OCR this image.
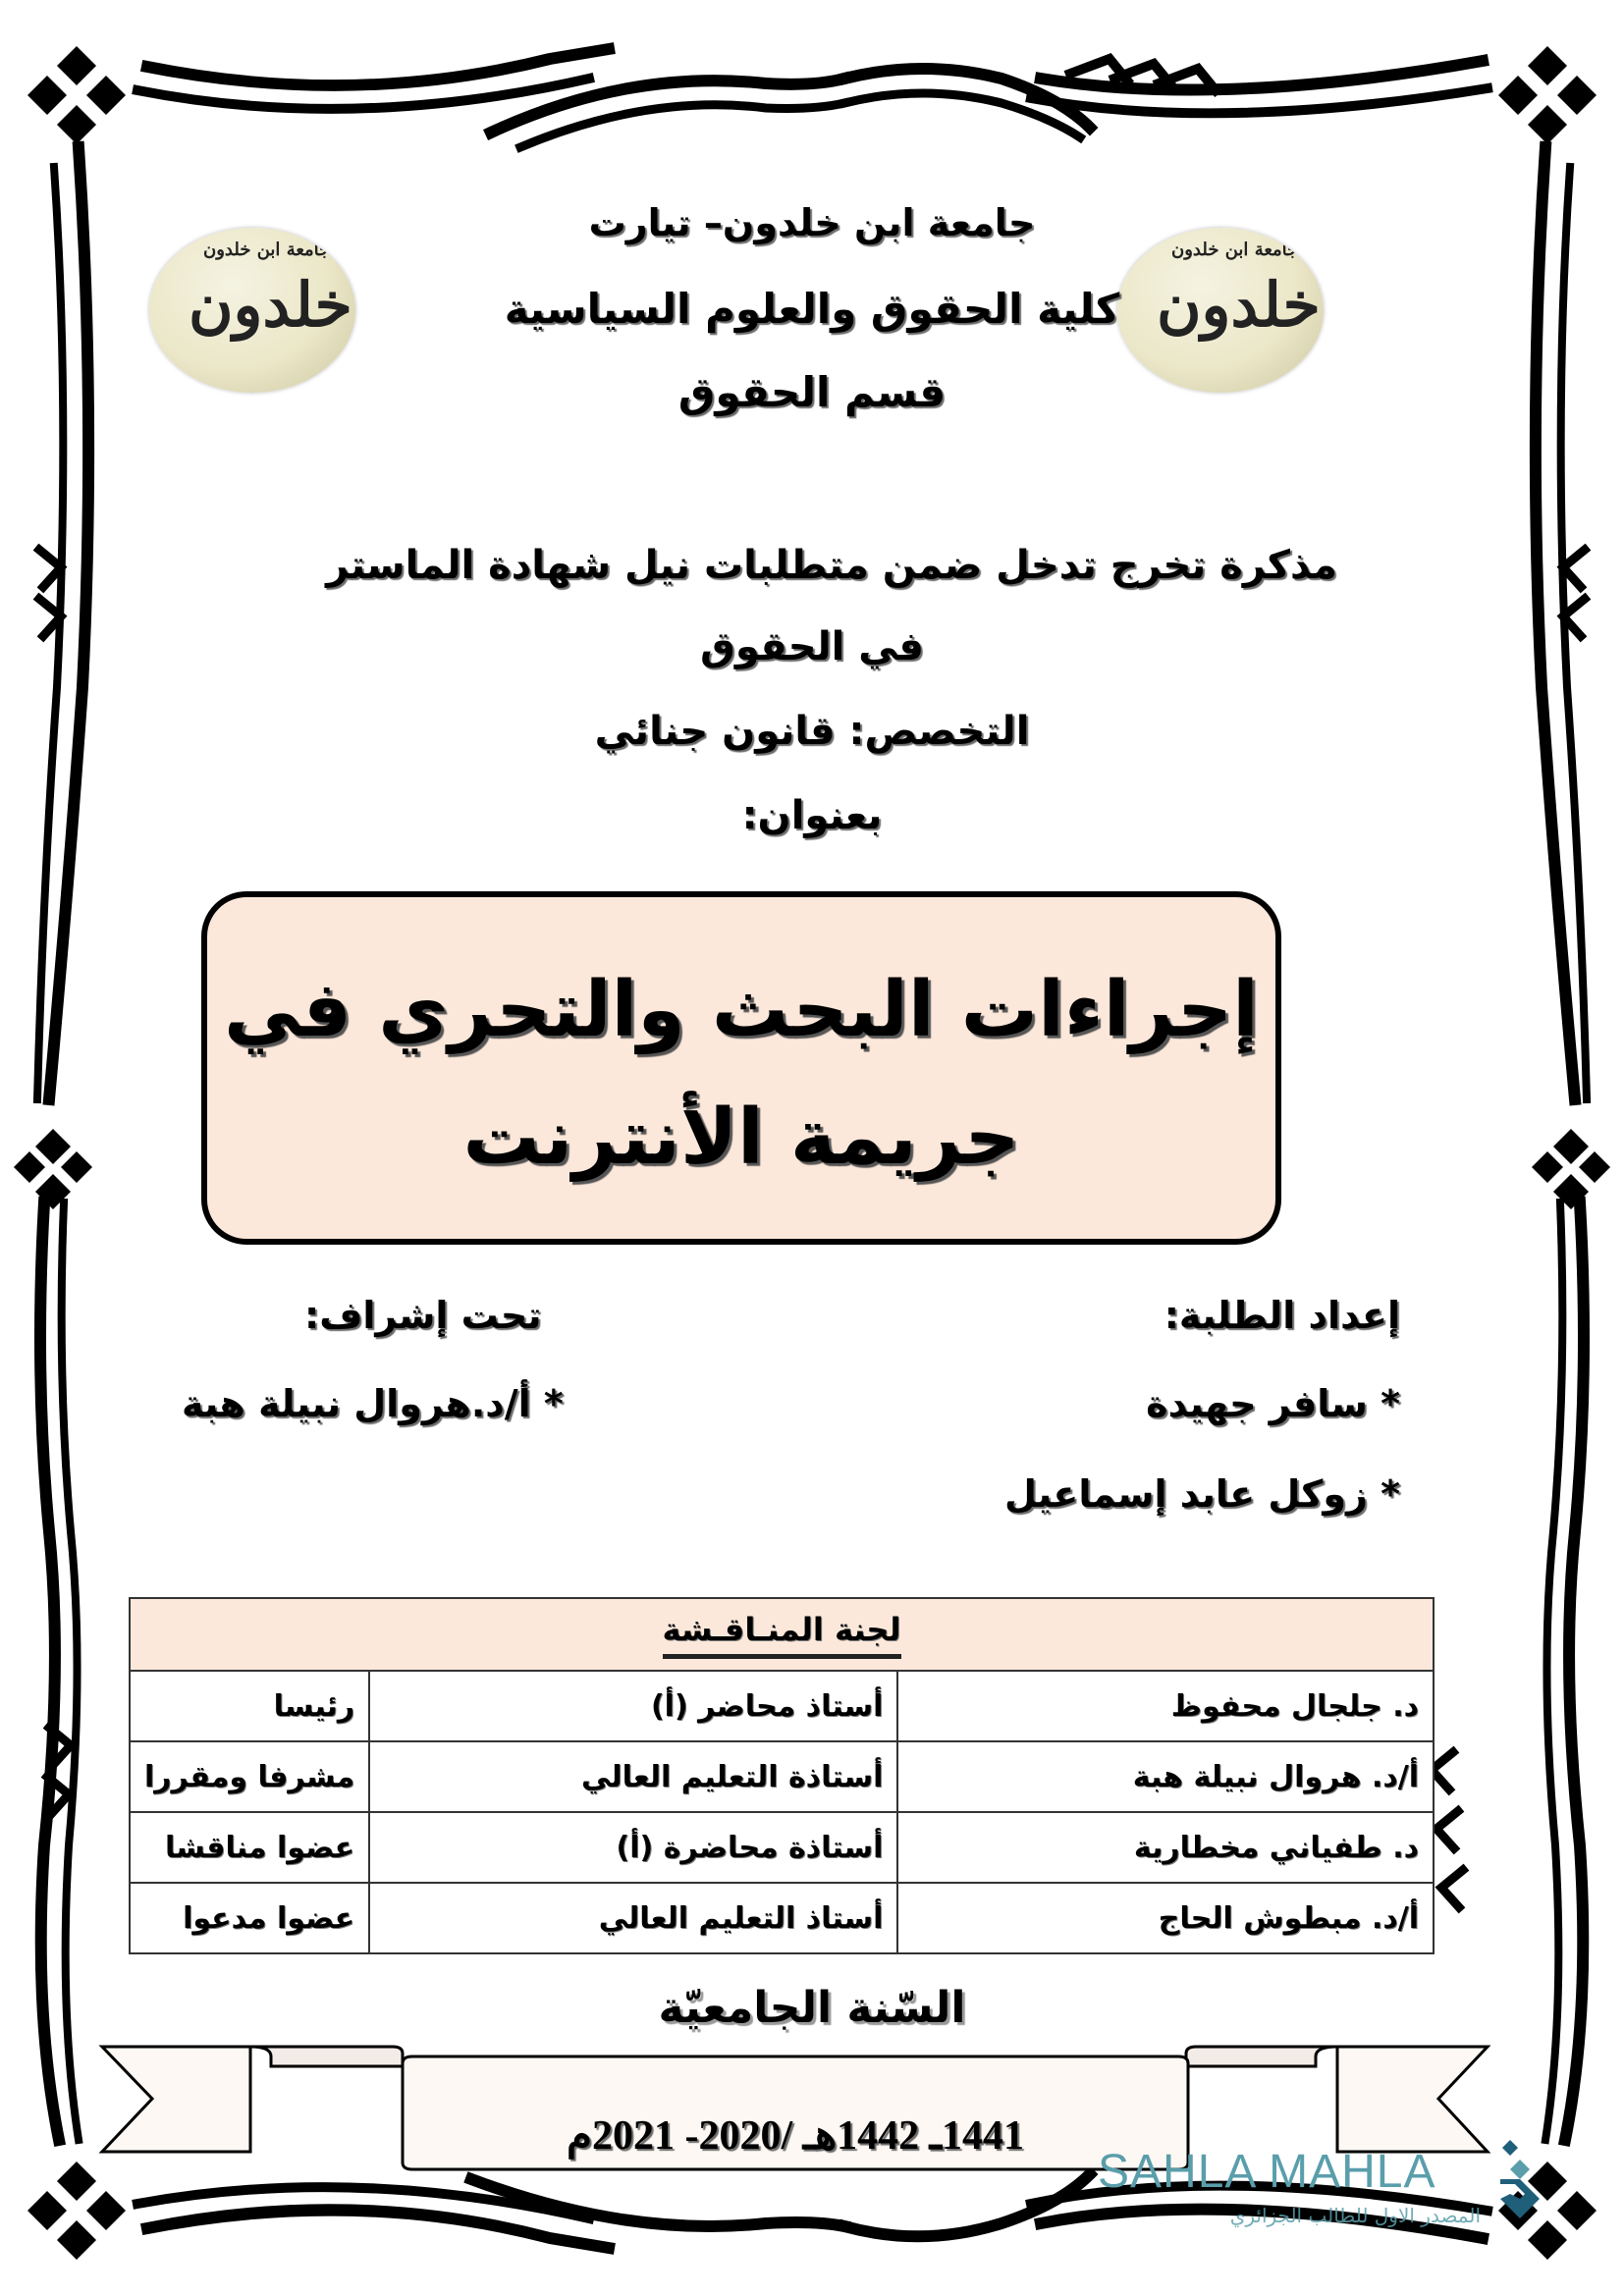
خلدون
جامعة ابن خلدون
خلدون
جامعة ابن خلدون
جامعة ابن خلدون– تيارت
كلية الحقوق والعلوم السياسية
قسم الحقوق
مذكرة تخرج تدخل ضمن متطلبات نيل شهادة الماستر
في الحقوق
التخصص: قانون جنائي
بعنوان:
إجراءات البحث والتحري في
جريمة الأنترنت
إعداد الطلبة:
* سافر جهيدة
* زوكل عابد إسماعيل
تحت إشراف:
* أ/د.هروال نبيلة هبة
لجنة المنـاقـشة		
د. جلجال محفوظ	أستاذ محاضر (أ)	رئيسا
أ/د. هروال نبيلة هبة	أستاذة التعليم العالي	مشرفا ومقررا
د. طفياني مخطارية	أستاذة محاضرة (أ)	عضوا مناقشا
أ/د. مبطوش الحاج	أستاذ التعليم العالي	عضوا مدعوا
السّنة الجامعيّة
1441ـ 1442هـ /2020- 2021م
SAHLA MAHLA
المصدر الاول للطالب الجزائري
